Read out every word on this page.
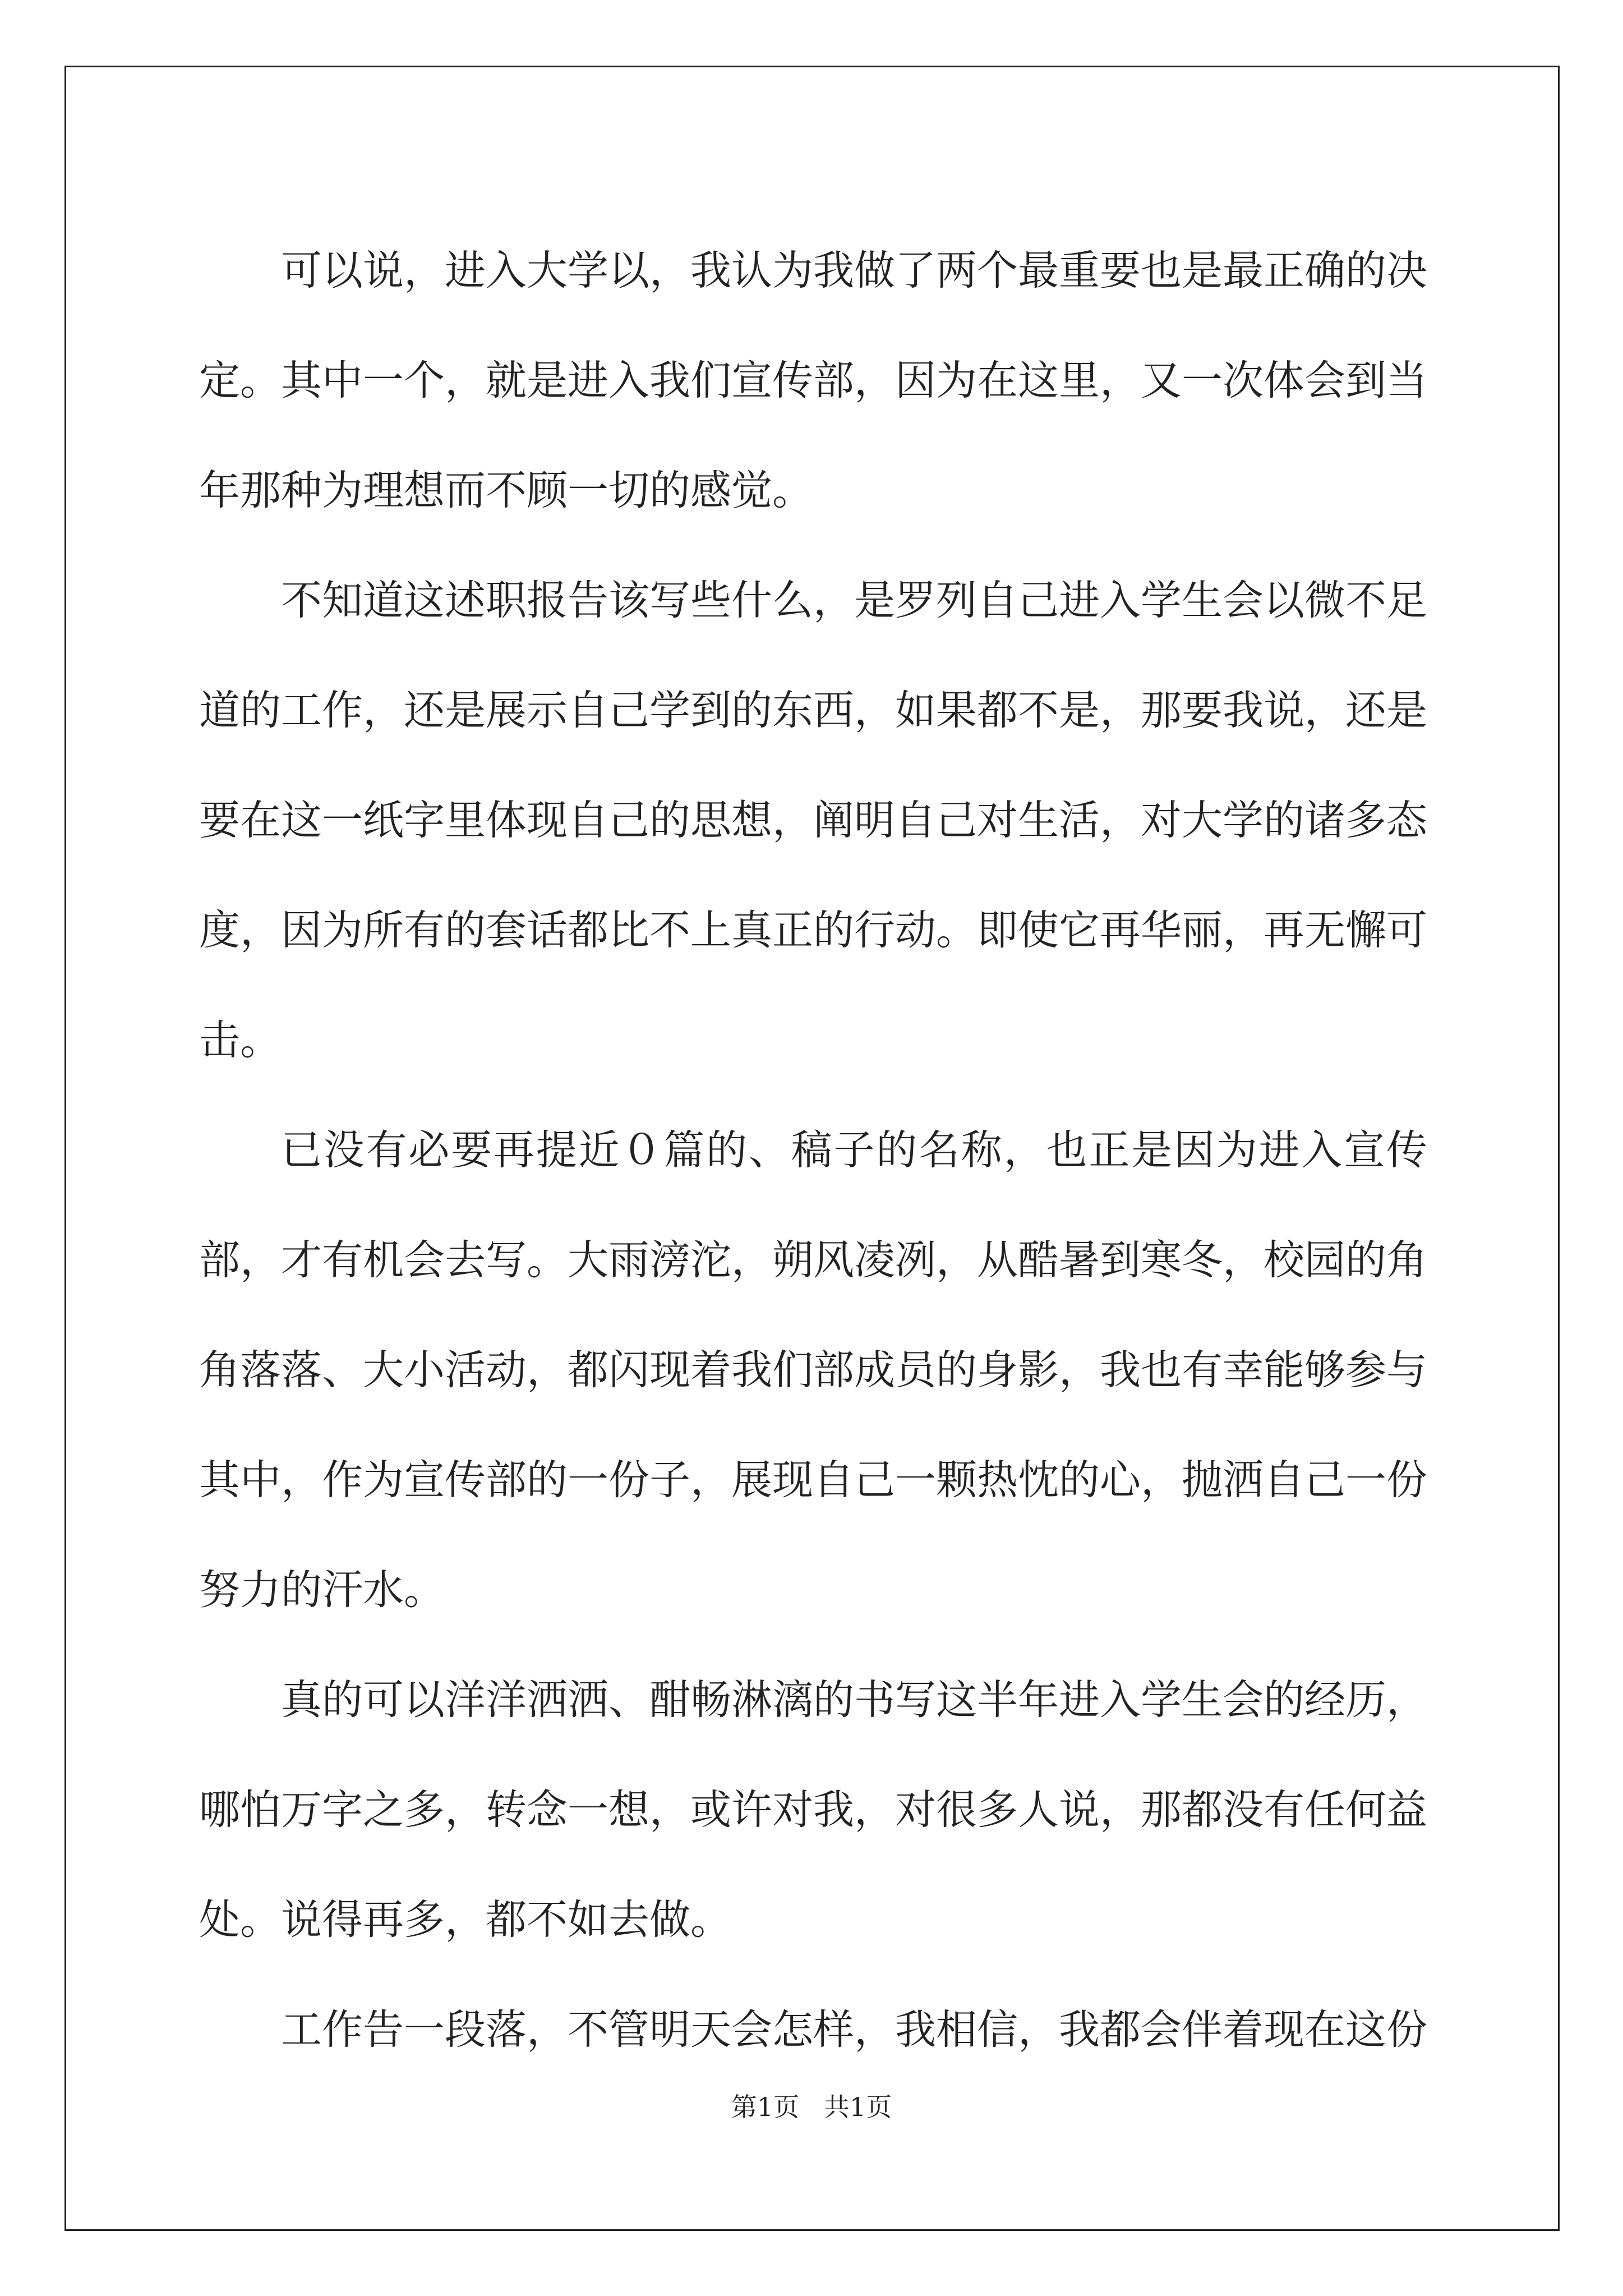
可以说，进入大学以，我认为我做了两个最重要也是最正确的决定。其中一个，就是进入我们宣传部，因为在这里，又一次体会到当年那种为理想而不顾一切的感觉。

不知道这述职报告该写些什么，是罗列自己进入学生会以微不足道的工作，还是展示自己学到的东西，如果都不是，那要我说，还是要在这一纸字里体现自己的思想，阐明自己对生活，对大学的诸多态度，因为所有的套话都比不上真正的行动。即使它再华丽，再无懈可击。

已没有必要再提近０篇的、稿子的名称，也正是因为进入宣传部，才有机会去写。大雨滂沱，朔风凌冽，从酷暑到寒冬，校园的角角落落、大小活动，都闪现着我们部成员的身影，我也有幸能够参与其中，作为宣传部的一份子，展现自己一颗热忱的心，抛洒自己一份努力的汗水。

真的可以洋洋洒洒、酣畅淋漓的书写这半年进入学生会的经历，哪怕万字之多，转念一想，或许对我，对很多人说，那都没有任何益处。说得再多，都不如去做。

工作告一段落，不管明天会怎样，我相信，我都会伴着现在这份

第1页   共1页
